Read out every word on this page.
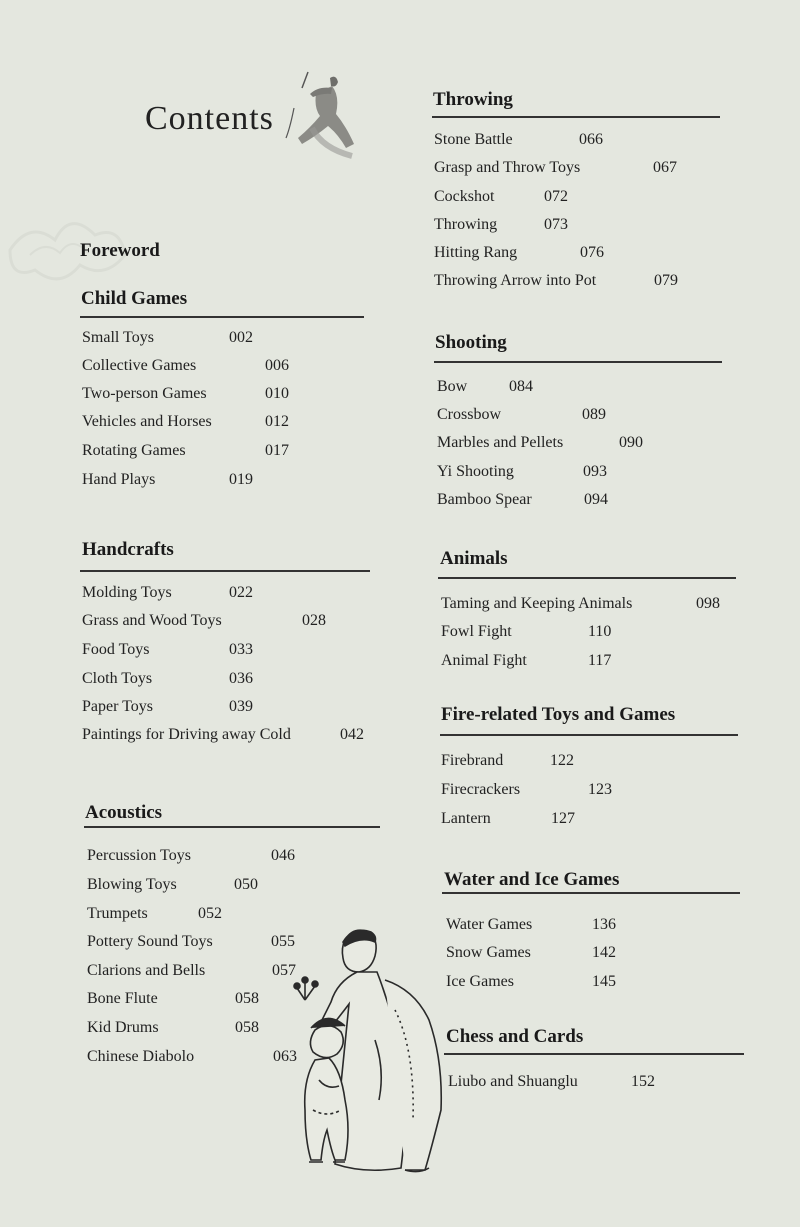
Contents
Foreword
Child Games
Small Toys	002
Collective Games	006
Two-person Games	010
Vehicles and Horses	012
Rotating Games	017
Hand Plays	019
Handcrafts
Molding Toys	022
Grass and Wood Toys	028
Food Toys	033
Cloth Toys	036
Paper Toys	039
Paintings for Driving away Cold	042
Acoustics
Percussion Toys	046
Blowing Toys	050
Trumpets	052
Pottery Sound Toys	055
Clarions and Bells	057
Bone Flute	058
Kid Drums	058
Chinese Diabolo	063
Throwing
Stone Battle	066
Grasp and Throw Toys	067
Cockshot	072
Throwing	073
Hitting Rang	076
Throwing Arrow into Pot	079
Shooting
Bow	084
Crossbow	089
Marbles and Pellets	090
Yi Shooting	093
Bamboo Spear	094
Animals
Taming and Keeping Animals	098
Fowl Fight	110
Animal Fight	117
Fire-related Toys and Games
Firebrand	122
Firecrackers	123
Lantern	127
Water and Ice Games
Water Games	136
Snow Games	142
Ice Games	145
Chess and Cards
Liubo and Shuanglu	152
